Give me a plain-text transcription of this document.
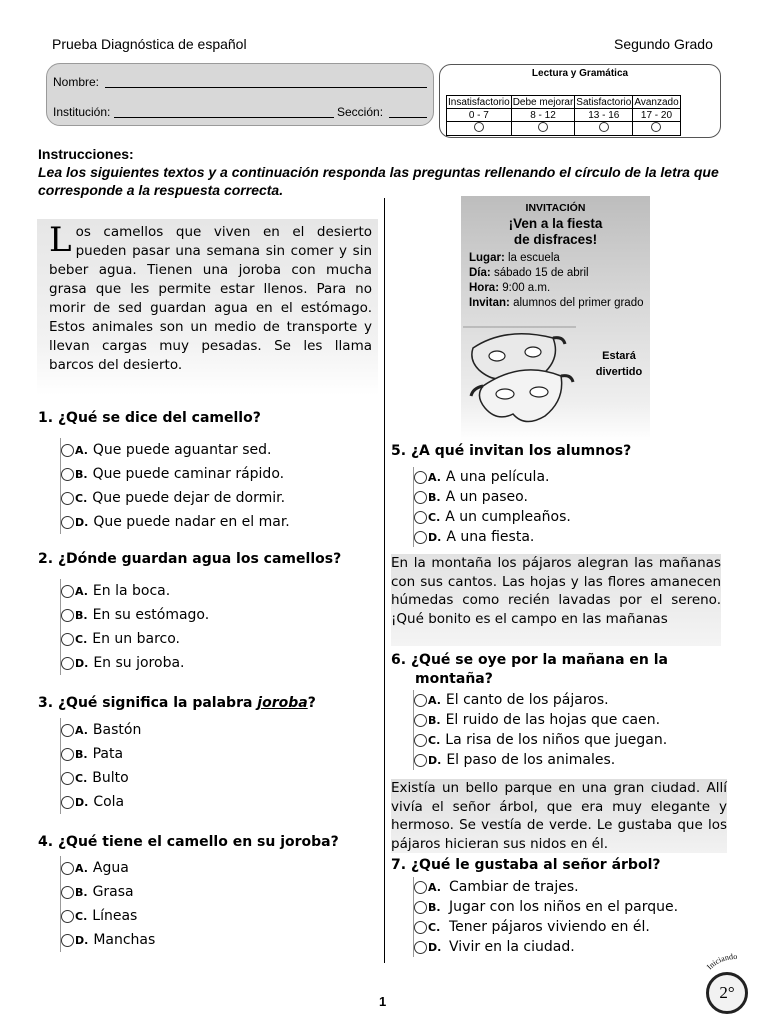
Prueba Diagnóstica de español	Segundo Grado
Nombre:
Institución:	Sección:
Lectura y Gramática
Insatisfactorio	Debe mejorar	Satisfactorio	Avanzado
0 - 7	8 - 12	13 - 16	17 - 20

Instrucciones:
Lea los siguientes textos y a continuación responda las preguntas rellenando el círculo de la letra que corresponde a la respuesta correcta.
Los camellos que viven en el desierto pueden pasar una semana sin comer y sin beber agua. Tienen una joroba con mucha grasa que les permite estar llenos. Para no morir de sed guardan agua en el estómago. Estos animales son un medio de transporte y llevan cargas muy pesadas. Se les llama barcos del desierto.
1. ¿Qué se dice del camello?
A. Que puede aguantar sed.
B. Que puede caminar rápido.
C. Que puede dejar de dormir.
D. Que puede nadar en el mar.
2. ¿Dónde guardan agua los camellos?
A. En la boca.
B. En su estómago.
C. En un barco.
D. En su joroba.
3. ¿Qué significa la palabra joroba?
A. Bastón
B. Pata
C. Bulto
D. Cola
4. ¿Qué tiene el camello en su joroba?
A. Agua
B. Grasa
C. Líneas
D. Manchas
INVITACIÓN
¡Ven a la fiesta
de disfraces!
Lugar: la escuela
Día: sábado 15 de abril
Hora: 9:00 a.m.
Invitan: alumnos del primer grado
Estará
divertido
5. ¿A qué invitan los alumnos?
A. A una película.
B. A un paseo.
C. A un cumpleaños.
D. A una fiesta.
En la montaña los pájaros alegran las mañanas con sus cantos. Las hojas y las flores amanecen húmedas como recién lavadas por el sereno. ¡Qué bonito es el campo en las mañanas
6. ¿Qué se oye por la mañana en la
montaña?
A. El canto de los pájaros.
B. El ruido de las hojas que caen.
C. La risa de los niños que juegan.
D. El paso de los animales.
Existía un bello parque en una gran ciudad. Allí vivía el señor árbol, que era muy elegante y hermoso. Se vestía de verde. Le gustaba que los pájaros hicieran sus nidos en él.
7. ¿Qué le gustaba al señor árbol?
A. Cambiar de trajes.
B. Jugar con los niños en el parque.
C. Tener pájaros viviendo en él.
D. Vivir en la ciudad.
1
Iniciando
2°
